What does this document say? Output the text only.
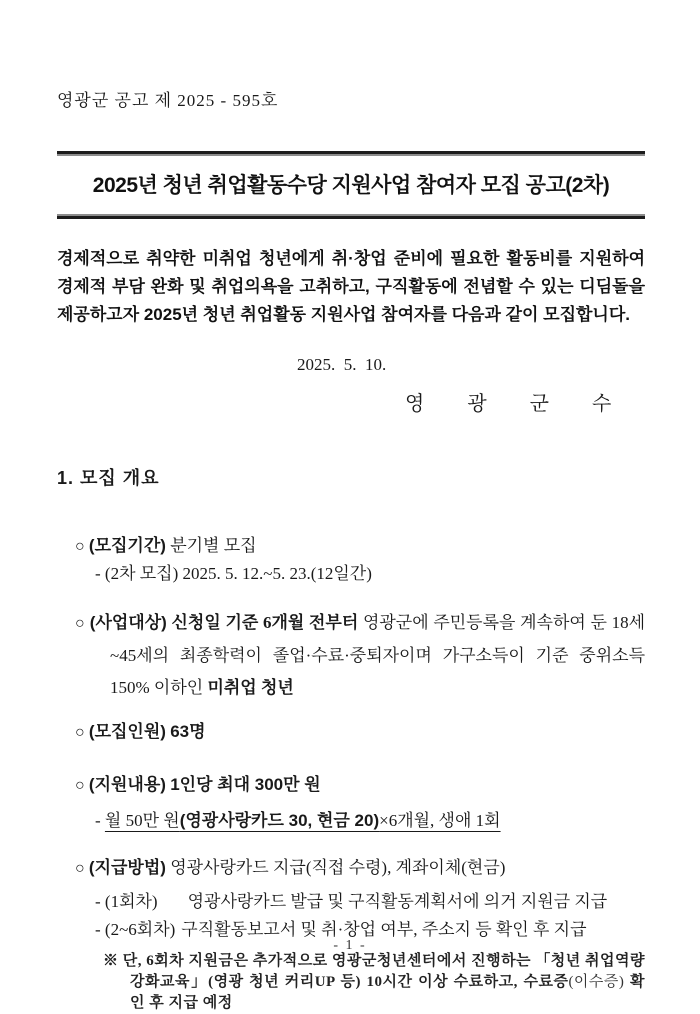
영광군 공고 제 2025 - 595호
2025년 청년 취업활동수당 지원사업 참여자 모집 공고(2차)
경제적으로 취약한 미취업 청년에게 취·창업 준비에 필요한 활동비를 지원하여 경제적 부담 완화 및 취업의욕을 고취하고, 구직활동에 전념할 수 있는 디딤돌을 제공하고자 2025년 청년 취업활동 지원사업 참여자를 다음과 같이 모집합니다.
2025.  5.  10.
영 광 군 수
1. 모집 개요
○ (모집기간) 분기별 모집
- (2차 모집) 2025. 5. 12.~5. 23.(12일간)
○ (사업대상) 신청일 기준 6개월 전부터 영광군에 주민등록을 계속하여 둔 18세~45세의 최종학력이 졸업·수료·중퇴자이며 가구소득이 기준 중위소득 150% 이하인 미취업 청년
○ (모집인원) 63명
○ (지원내용) 1인당 최대 300만 원
- 월 50만 원(영광사랑카드 30, 현금 20)×6개월, 생애 1회
○ (지급방법) 영광사랑카드 지급(직접 수령), 계좌이체(현금)
- (1회차) 영광사랑카드 발급 및 구직활동계획서에 의거 지원금 지급
- (2~6회차) 구직활동보고서 및 취·창업 여부, 주소지 등 확인 후 지급
※ 단, 6회차 지원금은 추가적으로 영광군청년센터에서 진행하는 「청년 취업역량 강화교육」(영광 청년 커리UP 등) 10시간 이상 수료하고, 수료증(이수증) 확인 후 지급 예정
- 1 -
